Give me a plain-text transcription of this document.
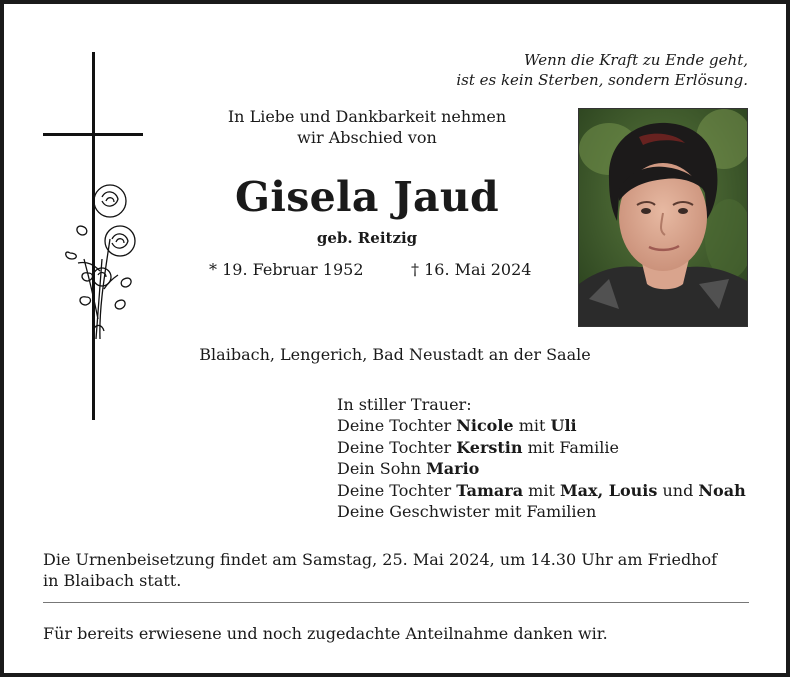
Wenn die Kraft zu Ende geht,
ist es kein Sterben, sondern Erlösung.
In Liebe und Dankbarkeit nehmen
wir Abschied von
Gisela Jaud
geb. Reitzig
* 19. Februar 1952	† 16. Mai 2024
Blaibach, Lengerich, Bad Neustadt an der Saale
In stiller Trauer:
Deine Tochter Nicole mit Uli
Deine Tochter Kerstin mit Familie
Dein Sohn Mario
Deine Tochter Tamara mit Max, Louis und Noah
Deine Geschwister mit Familien
Die Urnenbeisetzung findet am Samstag, 25. Mai 2024, um 14.30 Uhr am Friedhof
in Blaibach statt.
Für bereits erwiesene und noch zugedachte Anteilnahme danken wir.
